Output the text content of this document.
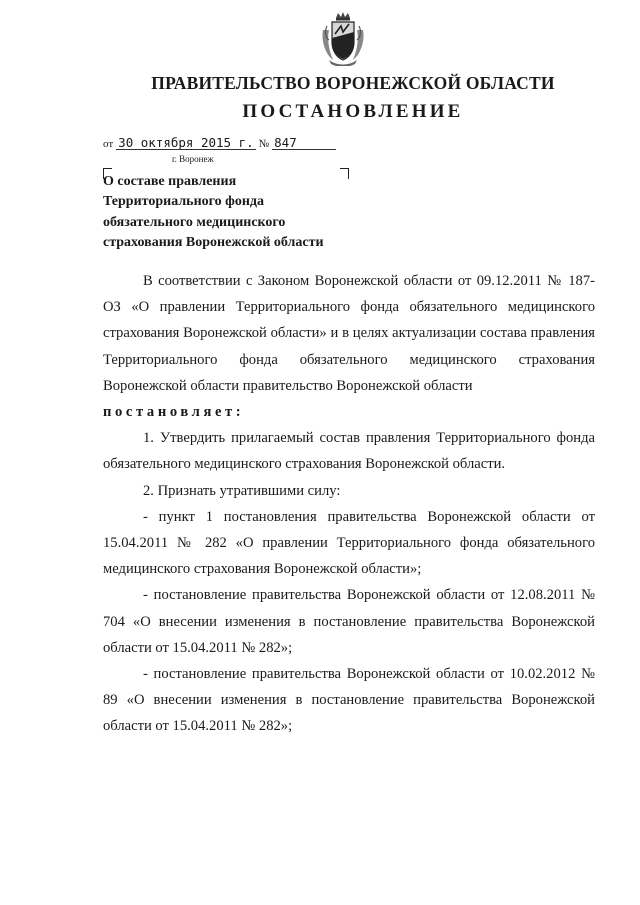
ПРАВИТЕЛЬСТВО ВОРОНЕЖСКОЙ ОБЛАСТИ
ПОСТАНОВЛЕНИЕ
от 30 октября 2015 г. № 847
г. Воронеж
О составе правления
Территориального фонда
обязательного медицинского
страхования Воронежской области

В соответствии с Законом Воронежской области от 09.12.2011 № 187-ОЗ «О правлении Территориального фонда обязательного медицинского страхования Воронежской области» и в целях актуализации состава правления Территориального фонда обязательного медицинского страхования Воронежской области правительство Воронежской области

постановляет:

1. Утвердить прилагаемый состав правления Территориального фонда обязательного медицинского страхования Воронежской области.

2. Признать утратившими силу:

- пункт 1 постановления правительства Воронежской области от 15.04.2011 № 282 «О правлении Территориального фонда обязательного медицинского страхования Воронежской области»;

- постановление правительства Воронежской области от 12.08.2011 № 704 «О внесении изменения в постановление правительства Воронежской области от 15.04.2011 № 282»;

- постановление правительства Воронежской области от 10.02.2012 № 89 «О внесении изменения в постановление правительства Воронежской области от 15.04.2011 № 282»;
